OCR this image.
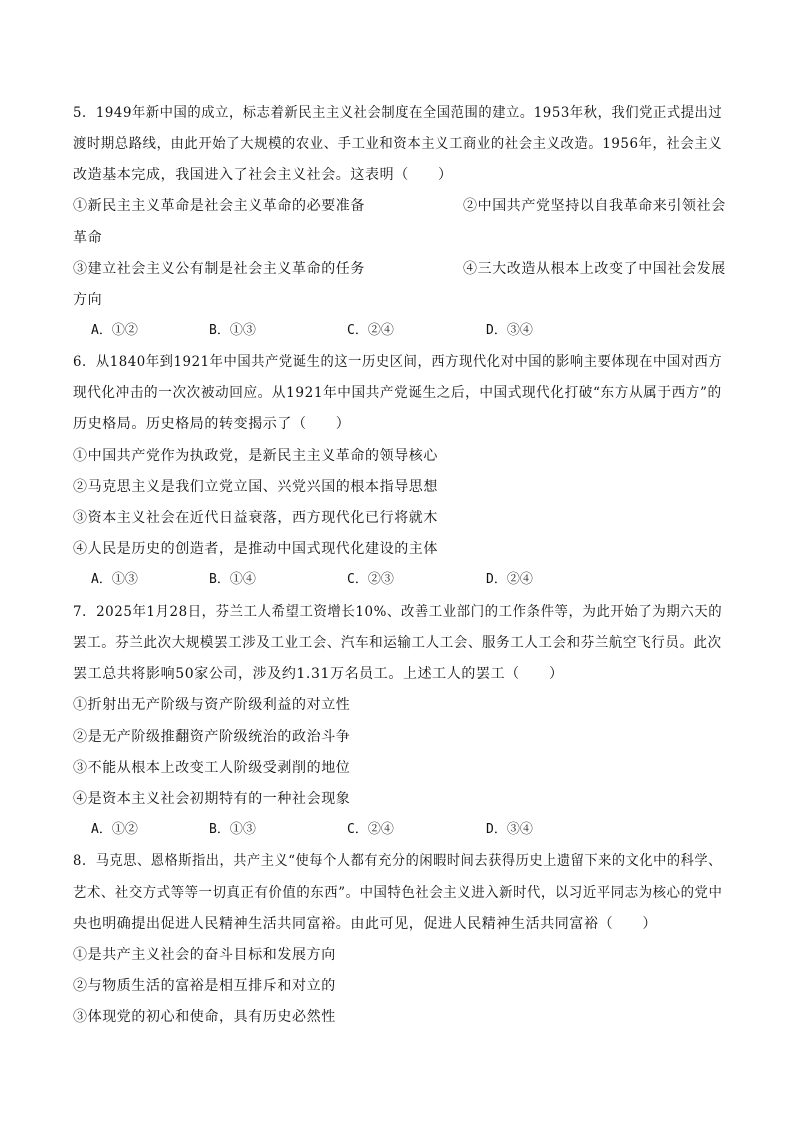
5．1949年新中国的成立，标志着新民主主义社会制度在全国范围的建立。1953年秋，我们党正式提出过
渡时期总路线，由此开始了大规模的农业、手工业和资本主义工商业的社会主义改造。1956年，社会主义
改造基本完成，我国进入了社会主义社会。这表明（　　）
①新民主主义革命是社会主义革命的必要准备	②中国共产党坚持以自我革命来引领社会
革命
③建立社会主义公有制是社会主义革命的任务	④三大改造从根本上改变了中国社会发展
方向
A．①②	B．①③	C．②④	D．③④
6．从1840年到1921年中国共产党诞生的这一历史区间，西方现代化对中国的影响主要体现在中国对西方
现代化冲击的一次次被动回应。从1921年中国共产党诞生之后，中国式现代化打破“东方从属于西方”的
历史格局。历史格局的转变揭示了（　　）
①中国共产党作为执政党，是新民主主义革命的领导核心
②马克思主义是我们立党立国、兴党兴国的根本指导思想
③资本主义社会在近代日益衰落，西方现代化已行将就木
④人民是历史的创造者，是推动中国式现代化建设的主体
A．①③	B．①④	C．②③	D．②④
7．2025年1月28日，芬兰工人希望工资增长10%、改善工业部门的工作条件等，为此开始了为期六天的
罢工。芬兰此次大规模罢工涉及工业工会、汽车和运输工人工会、服务工人工会和芬兰航空飞行员。此次
罢工总共将影响50家公司，涉及约1.31万名员工。上述工人的罢工（　　）
①折射出无产阶级与资产阶级利益的对立性
②是无产阶级推翻资产阶级统治的政治斗争
③不能从根本上改变工人阶级受剥削的地位
④是资本主义社会初期特有的一种社会现象
A．①②	B．①③	C．②④	D．③④
8．马克思、恩格斯指出，共产主义“使每个人都有充分的闲暇时间去获得历史上遗留下来的文化中的科学、
艺术、社交方式等等一切真正有价值的东西”。中国特色社会主义进入新时代，以习近平同志为核心的党中
央也明确提出促进人民精神生活共同富裕。由此可见，促进人民精神生活共同富裕（　　）
①是共产主义社会的奋斗目标和发展方向
②与物质生活的富裕是相互排斥和对立的
③体现党的初心和使命，具有历史必然性
